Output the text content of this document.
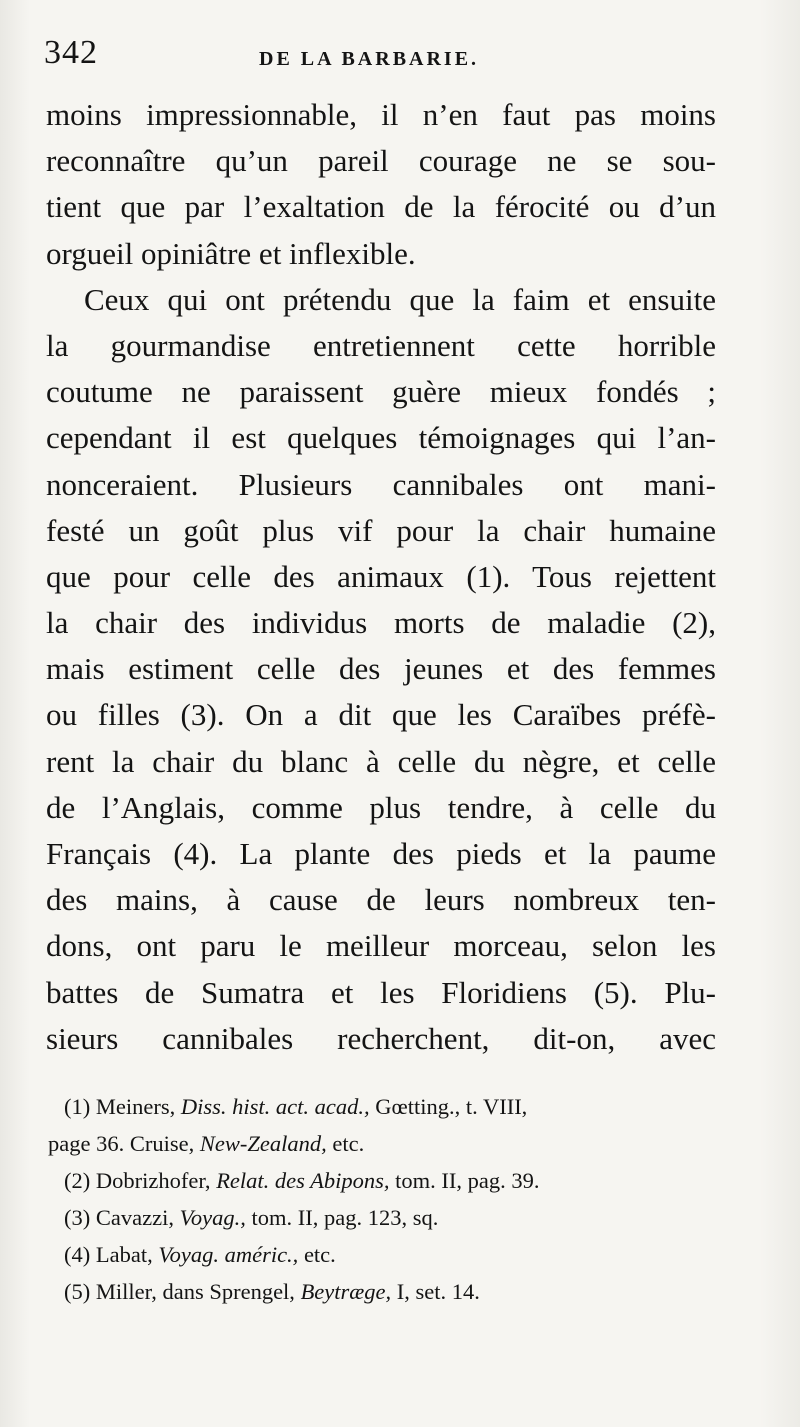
342	DE LA BARBARIE.
moins impressionnable, il n’en faut pas moins
reconnaître qu’un pareil courage ne se sou-
tient que par l’exaltation de la férocité ou d’un
orgueil opiniâtre et inflexible.
Ceux qui ont prétendu que la faim et ensuite
la gourmandise entretiennent cette horrible
coutume ne paraissent guère mieux fondés ;
cependant il est quelques témoignages qui l’an-
nonceraient. Plusieurs cannibales ont mani-
festé un goût plus vif pour la chair humaine
que pour celle des animaux (1). Tous rejettent
la chair des individus morts de maladie (2),
mais estiment celle des jeunes et des femmes
ou filles (3). On a dit que les Caraïbes préfè-
rent la chair du blanc à celle du nègre, et celle
de l’Anglais, comme plus tendre, à celle du
Français (4). La plante des pieds et la paume
des mains, à cause de leurs nombreux ten-
dons, ont paru le meilleur morceau, selon les
battes de Sumatra et les Floridiens (5). Plu-
sieurs cannibales recherchent, dit-on, avec
(1) Meiners, Diss. hist. act. acad., Gœtting., t. VIII,
page 36. Cruise, New-Zealand, etc.
(2) Dobrizhofer, Relat. des Abipons, tom. II, pag. 39.
(3) Cavazzi, Voyag., tom. II, pag. 123, sq.
(4) Labat, Voyag. améric., etc.
(5) Miller, dans Sprengel, Beytræge, I, set. 14.
